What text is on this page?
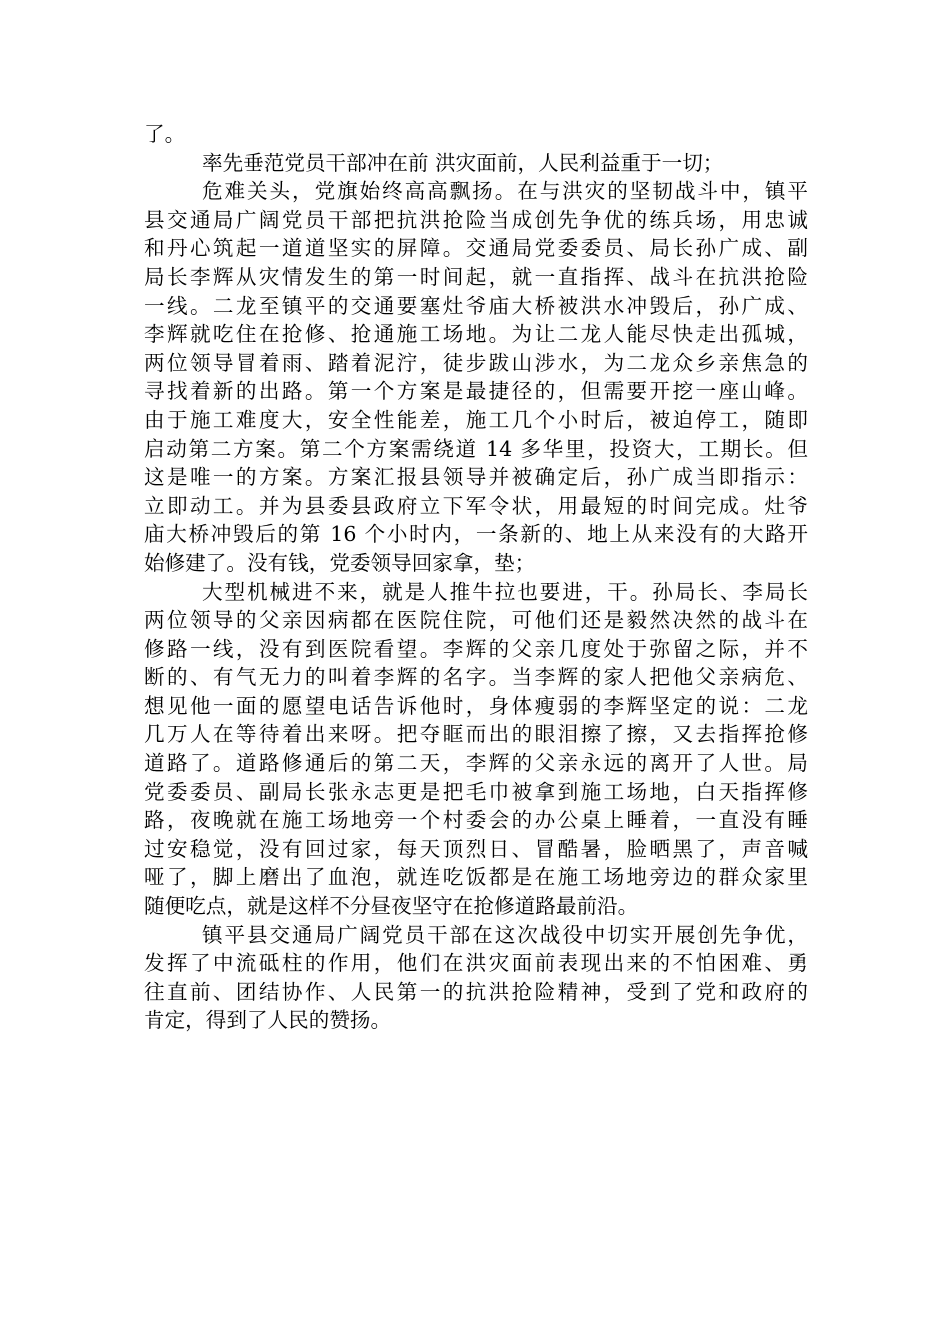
了。
率先垂范党员干部冲在前 洪灾面前，人民利益重于一切；
危难关头，党旗始终高高飘扬。在与洪灾的坚韧战斗中，镇平
县交通局广阔党员干部把抗洪抢险当成创先争优的练兵场，用忠诚
和丹心筑起一道道坚实的屏障。交通局党委委员、局长孙广成、副
局长李辉从灾情发生的第一时间起，就一直指挥、战斗在抗洪抢险
一线。二龙至镇平的交通要塞灶爷庙大桥被洪水冲毁后，孙广成、
李辉就吃住在抢修、抢通施工场地。为让二龙人能尽快走出孤城，
两位领导冒着雨、踏着泥泞，徒步跋山涉水，为二龙众乡亲焦急的
寻找着新的出路。第一个方案是最捷径的，但需要开挖一座山峰。
由于施工难度大，安全性能差，施工几个小时后，被迫停工，随即
启动第二方案。第二个方案需绕道 14 多华里，投资大，工期长。但
这是唯一的方案。方案汇报县领导并被确定后，孙广成当即指示：
立即动工。并为县委县政府立下军令状，用最短的时间完成。灶爷
庙大桥冲毁后的第 16 个小时内，一条新的、地上从来没有的大路开
始修建了。没有钱，党委领导回家拿，垫；
大型机械进不来，就是人推牛拉也要进，干。孙局长、李局长
两位领导的父亲因病都在医院住院，可他们还是毅然决然的战斗在
修路一线，没有到医院看望。李辉的父亲几度处于弥留之际，并不
断的、有气无力的叫着李辉的名字。当李辉的家人把他父亲病危、
想见他一面的愿望电话告诉他时，身体瘦弱的李辉坚定的说：二龙
几万人在等待着出来呀。把夺眶而出的眼泪擦了擦，又去指挥抢修
道路了。道路修通后的第二天，李辉的父亲永远的离开了人世。局
党委委员、副局长张永志更是把毛巾被拿到施工场地，白天指挥修
路，夜晚就在施工场地旁一个村委会的办公桌上睡着，一直没有睡
过安稳觉，没有回过家，每天顶烈日、冒酷暑，脸晒黑了，声音喊
哑了，脚上磨出了血泡，就连吃饭都是在施工场地旁边的群众家里
随便吃点，就是这样不分昼夜坚守在抢修道路最前沿。
镇平县交通局广阔党员干部在这次战役中切实开展创先争优，
发挥了中流砥柱的作用，他们在洪灾面前表现出来的不怕困难、勇
往直前、团结协作、人民第一的抗洪抢险精神，受到了党和政府的
肯定，得到了人民的赞扬。
